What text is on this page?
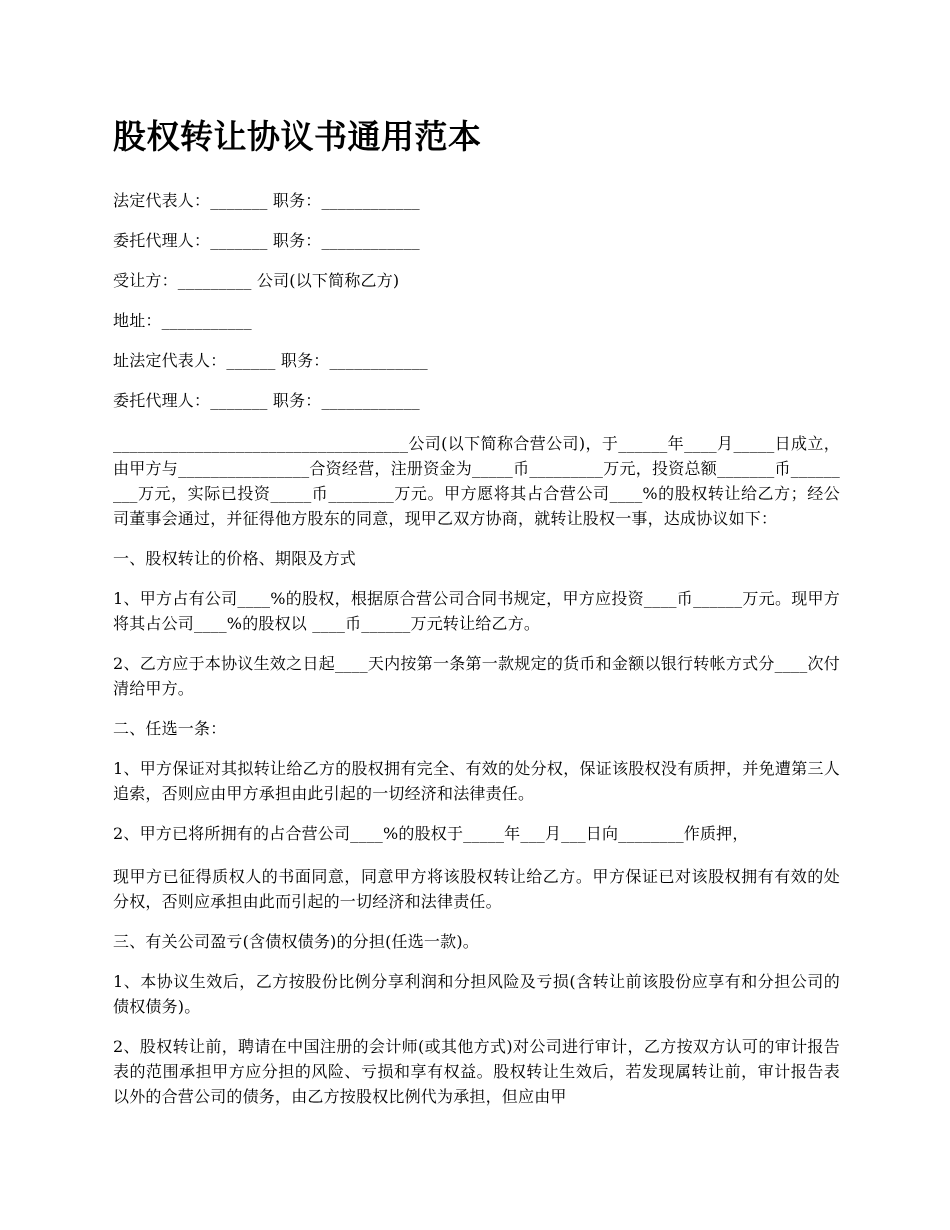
股权转让协议书通用范本

法定代表人：_______ 职务：____________

委托代理人：_______ 职务：____________

受让方：_________ 公司(以下简称乙方)

地址：___________

址法定代表人：______ 职务：____________

委托代理人：_______ 职务：____________

____________________________________公司(以下简称合营公司)，于______年____月_____日成立，由甲方与________________合资经营，注册资金为_____币_________万元，投资总额_______币_________万元，实际已投资_____币________万元。甲方愿将其占合营公司____%的股权转让给乙方；经公司董事会通过，并征得他方股东的同意，现甲乙双方协商，就转让股权一事，达成协议如下：

一、股权转让的价格、期限及方式

1、甲方占有公司____%的股权，根据原合营公司合同书规定，甲方应投资____币______万元。现甲方将其占公司____%的股权以 ____币______万元转让给乙方。

2、乙方应于本协议生效之日起____天内按第一条第一款规定的货币和金额以银行转帐方式分____次付清给甲方。

二、任选一条：

1、甲方保证对其拟转让给乙方的股权拥有完全、有效的处分权，保证该股权没有质押，并免遭第三人追索，否则应由甲方承担由此引起的一切经济和法律责任。

2、甲方已将所拥有的占合营公司____%的股权于_____年___月___日向________作质押，

现甲方已征得质权人的书面同意，同意甲方将该股权转让给乙方。甲方保证已对该股权拥有有效的处分权，否则应承担由此而引起的一切经济和法律责任。

三、有关公司盈亏(含债权债务)的分担(任选一款)。

1、本协议生效后，乙方按股份比例分享利润和分担风险及亏损(含转让前该股份应享有和分担公司的债权债务)。

2、股权转让前，聘请在中国注册的会计师(或其他方式)对公司进行审计，乙方按双方认可的审计报告表的范围承担甲方应分担的风险、亏损和享有权益。股权转让生效后，若发现属转让前，审计报告表以外的合营公司的债务，由乙方按股权比例代为承担，但应由甲
